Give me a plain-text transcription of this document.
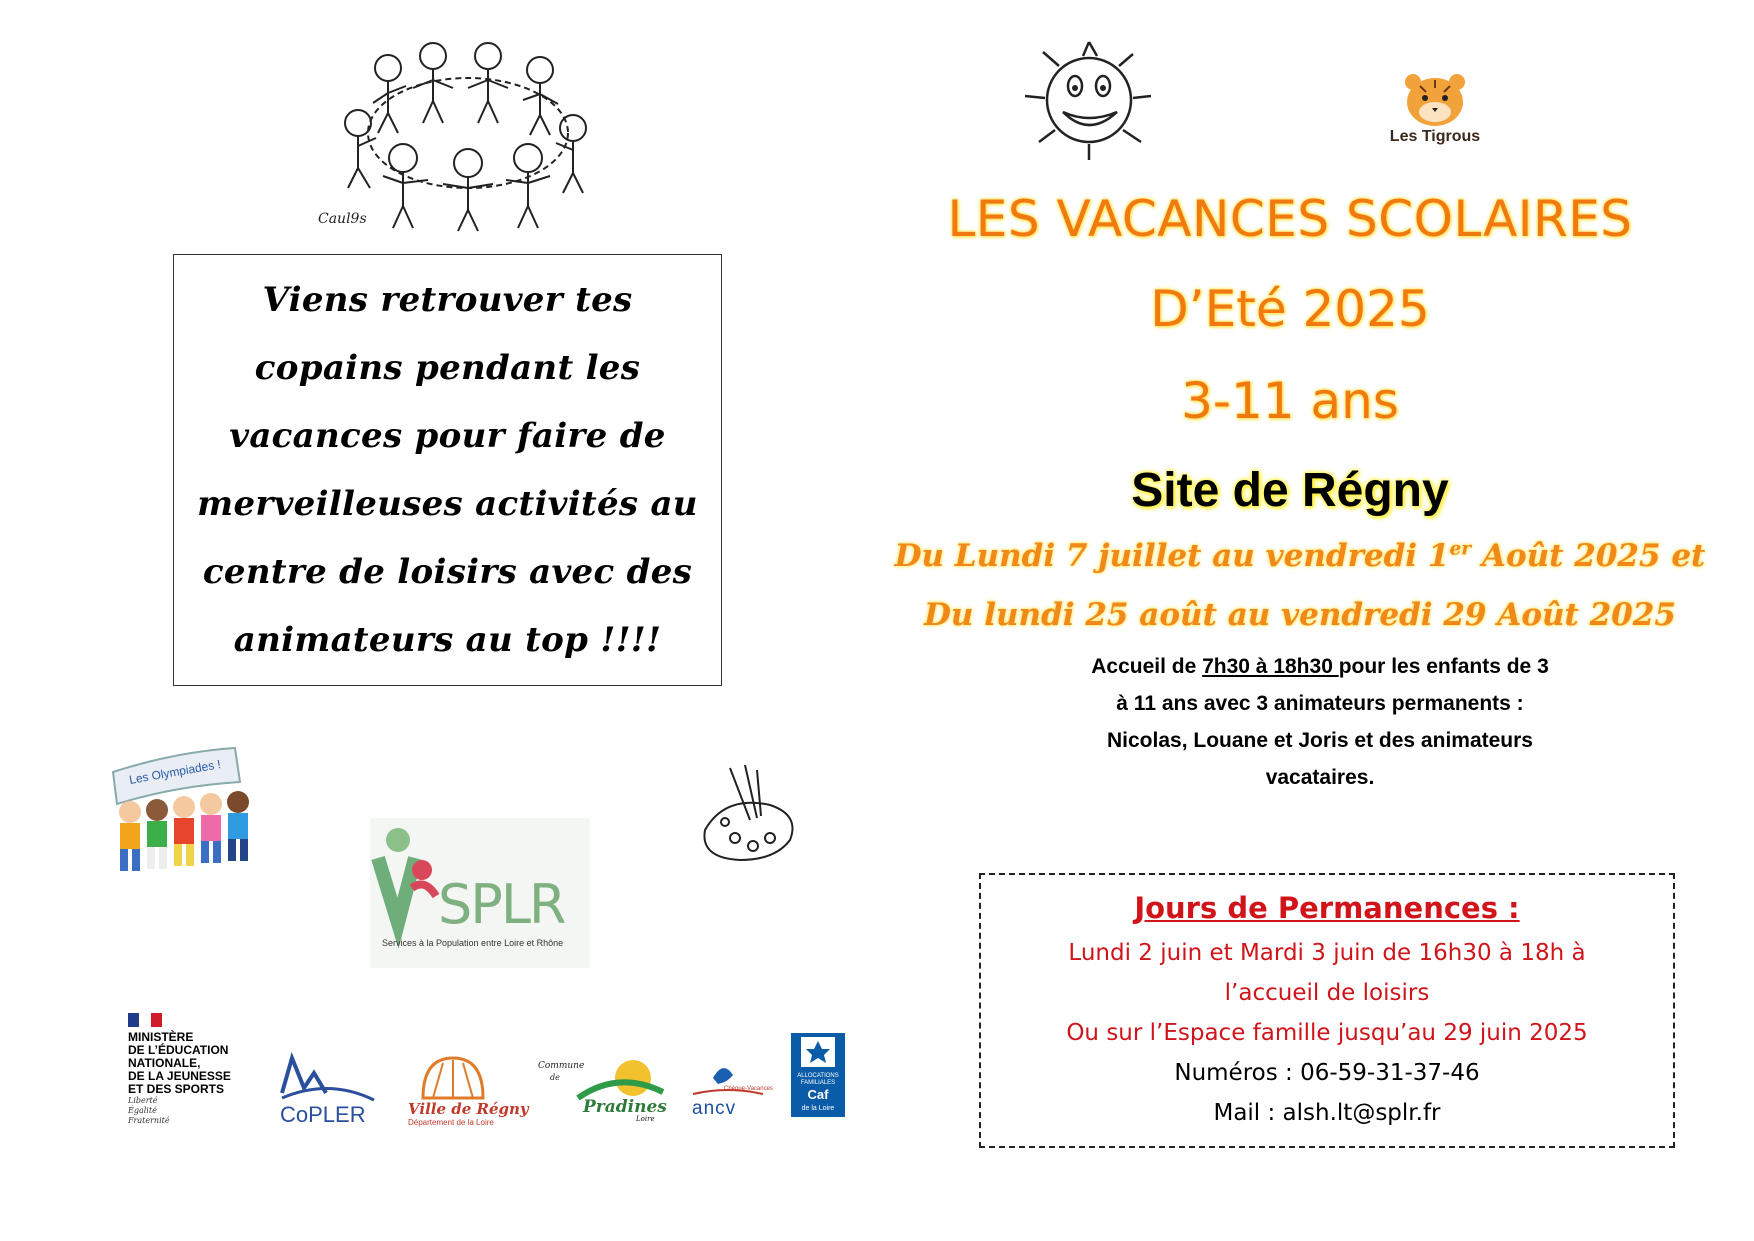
Caul9s
Viens retrouver tes
copains pendant les
vacances pour faire de
merveilleuses activités au
centre de loisirs avec des
animateurs au top !!!!
Les Olympiades !
SPLR
Services à la Population entre Loire et Rhône
MINISTÈRE
DE L’ÉDUCATION
NATIONALE,
DE LA JEUNESSE
ET DES SPORTS
Liberté
Égalité
Fraternité	CoPLER	Ville de Régny
Département de la Loire
Commune
de
Pradines
Loire
Chèque-Vacances
ancv
ALLOCATIONS
FAMILIALES
Caf
de la Loire
Les Tigrous
LES VACANCES SCOLAIRES
D’Eté 2025
3-11 ans
Site de Régny
Du Lundi 7 juillet au vendredi 1er Août 2025 et
Du lundi 25 août au vendredi 29 Août 2025
Accueil de 7h30 à 18h30 pour les enfants de 3
à 11 ans avec 3 animateurs permanents :
Nicolas, Louane et Joris et des animateurs
vacataires.
Jours de Permanences :
Lundi 2 juin et Mardi 3 juin de 16h30 à 18h à
l’accueil de loisirs
Ou sur l’Espace famille jusqu’au 29 juin 2025
Numéros : 06-59-31-37-46
Mail : alsh.lt@splr.fr
